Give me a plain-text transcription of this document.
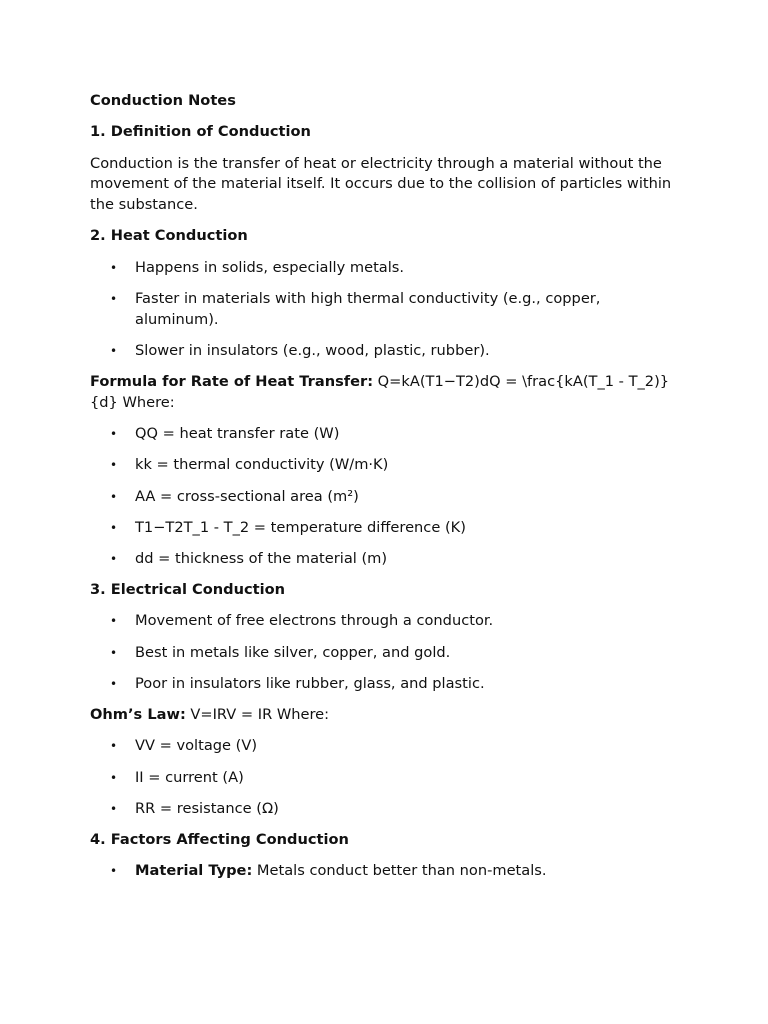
Conduction Notes

1. Definition of Conduction

Conduction is the transfer of heat or electricity through a material without the movement of the material itself. It occurs due to the collision of particles within the substance.

2. Heat Conduction

• Happens in solids, especially metals.
• Faster in materials with high thermal conductivity (e.g., copper, aluminum).
• Slower in insulators (e.g., wood, plastic, rubber).

Formula for Rate of Heat Transfer: Q=kA(T1−T2)dQ = \frac{kA(T_1 - T_2)}{d} Where:

• QQ = heat transfer rate (W)
• kk = thermal conductivity (W/m·K)
• AA = cross-sectional area (m²)
• T1−T2T_1 - T_2 = temperature difference (K)
• dd = thickness of the material (m)

3. Electrical Conduction

• Movement of free electrons through a conductor.
• Best in metals like silver, copper, and gold.
• Poor in insulators like rubber, glass, and plastic.

Ohm’s Law: V=IRV = IR Where:

• VV = voltage (V)
• II = current (A)
• RR = resistance (Ω)

4. Factors Affecting Conduction

• Material Type: Metals conduct better than non-metals.
